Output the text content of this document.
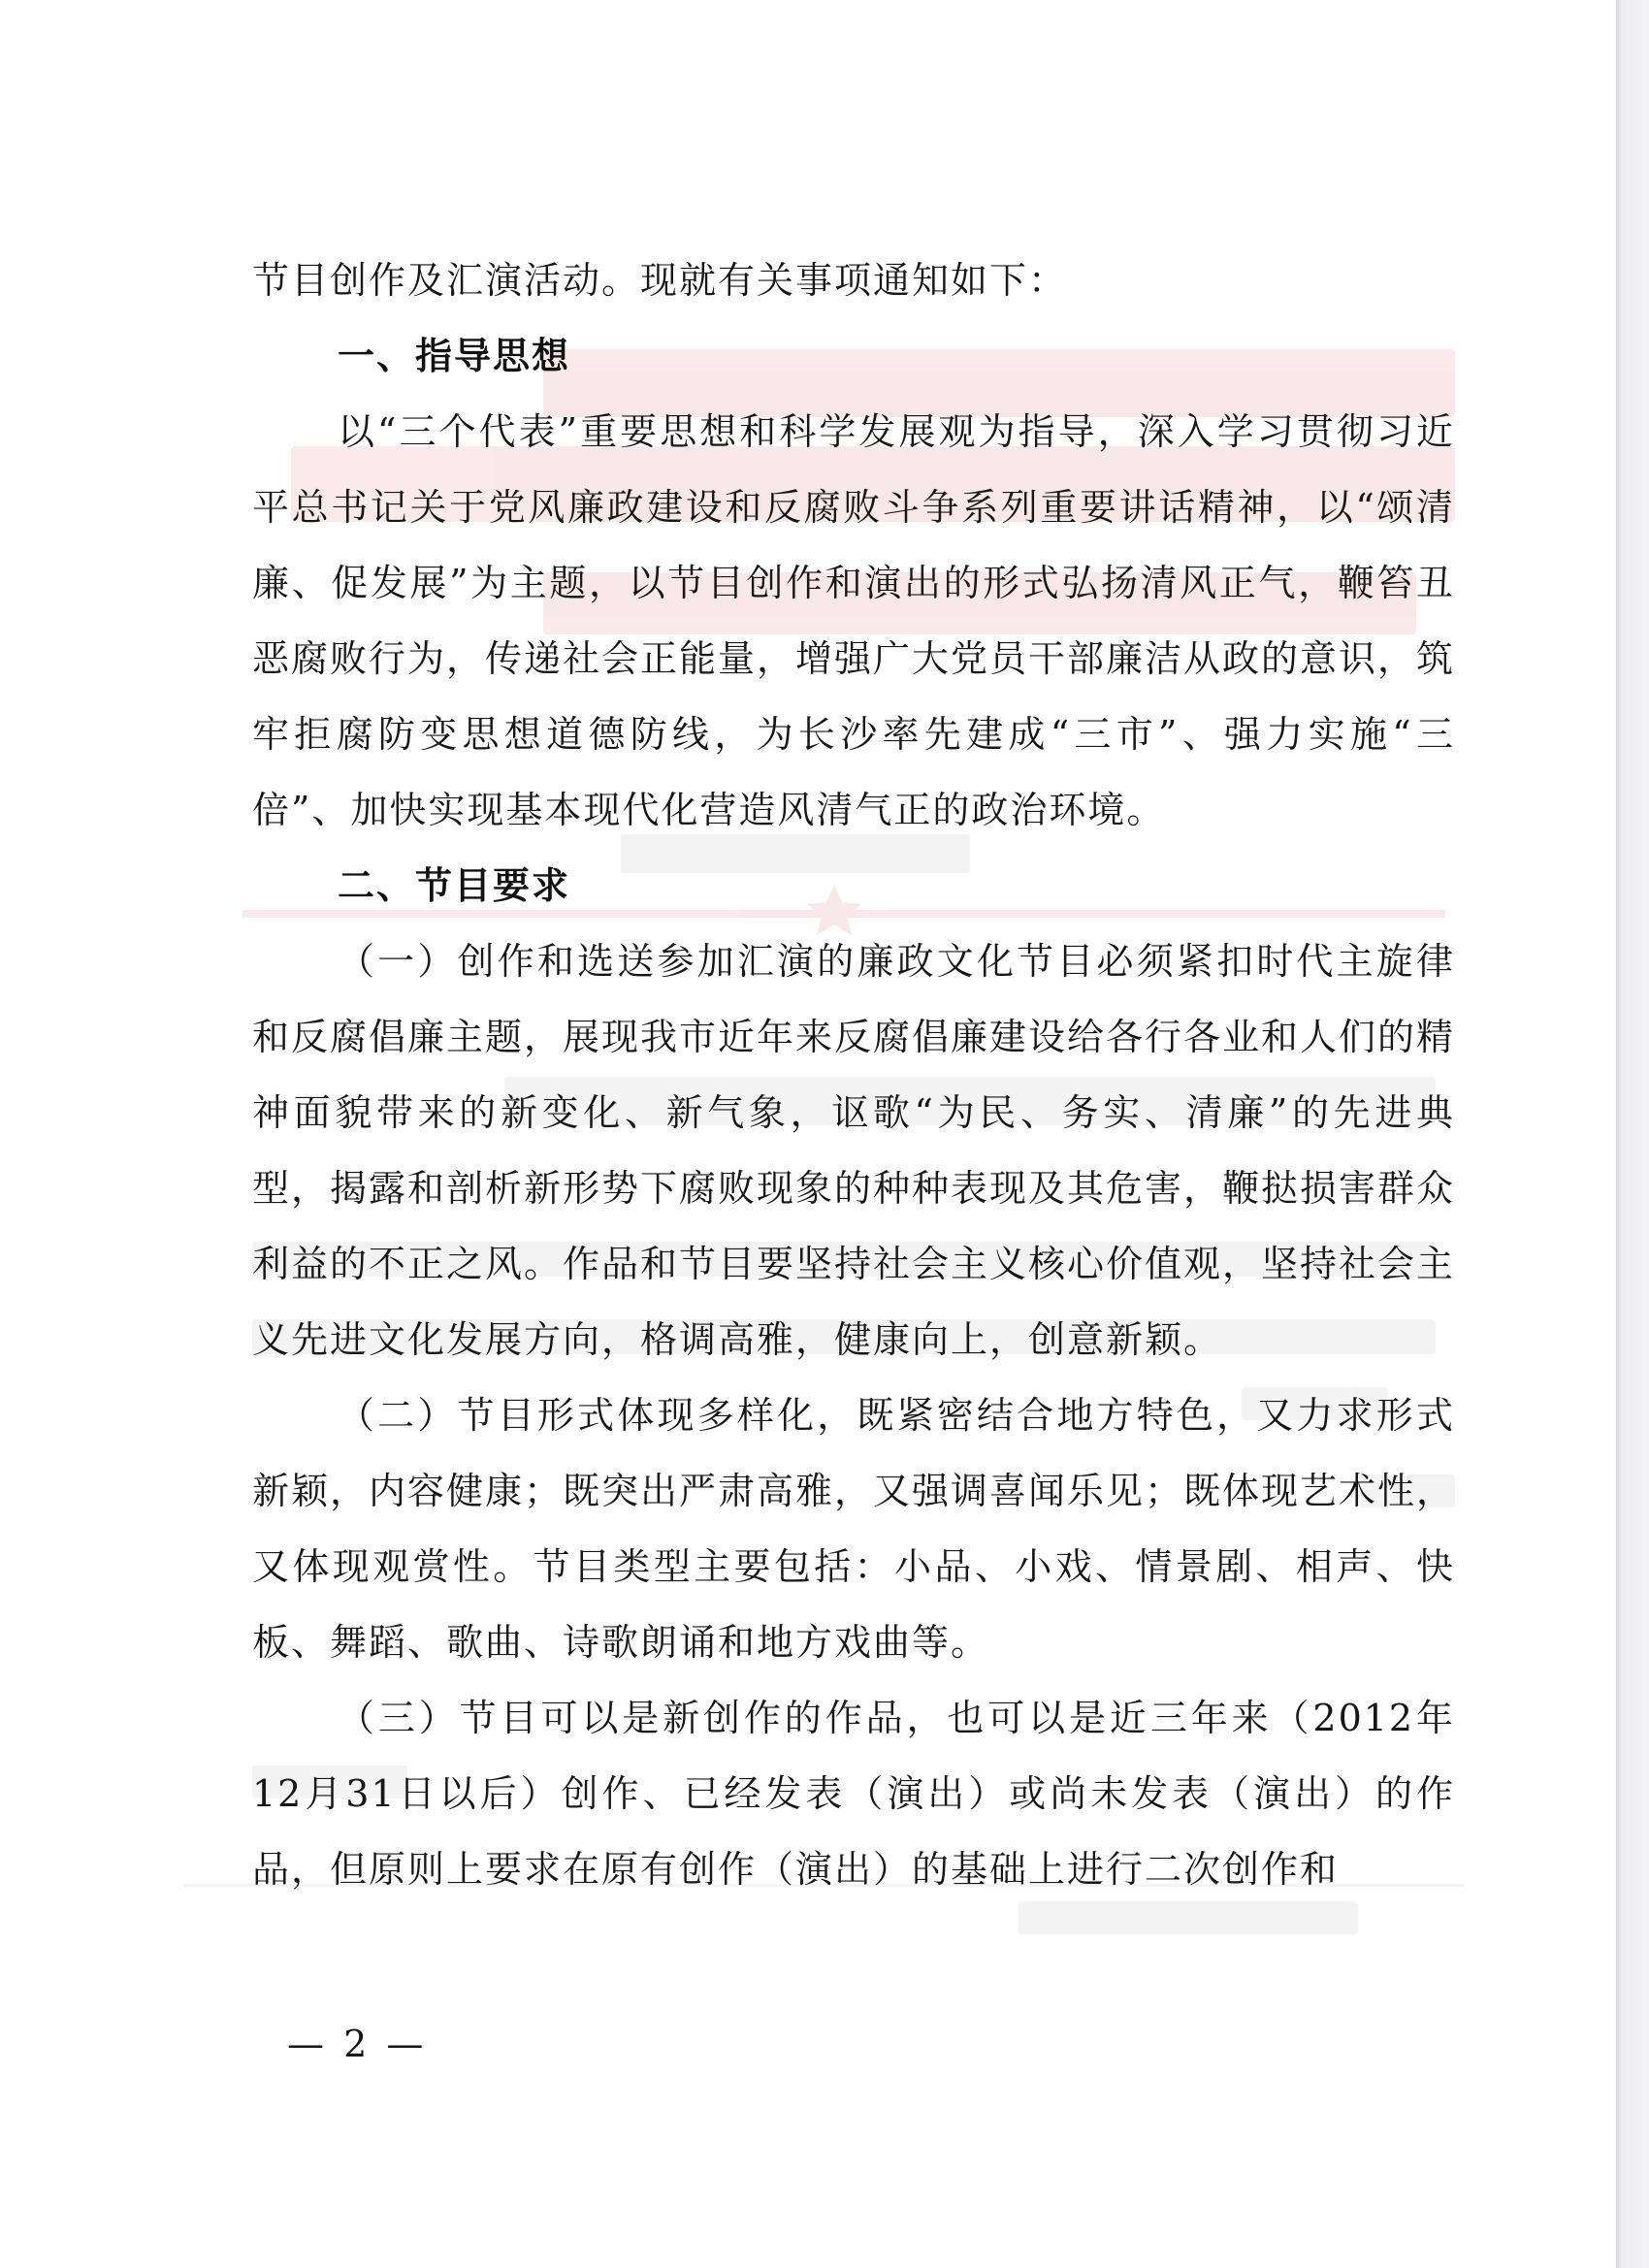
节目创作及汇演活动。现就有关事项通知如下：

一、指导思想

以“三个代表”重要思想和科学发展观为指导，深入学习贯彻习近平总书记关于党风廉政建设和反腐败斗争系列重要讲话精神，以“颂清廉、促发展”为主题，以节目创作和演出的形式弘扬清风正气，鞭笞丑恶腐败行为，传递社会正能量，增强广大党员干部廉洁从政的意识，筑牢拒腐防变思想道德防线，为长沙率先建成“三市”、强力实施“三倍”、加快实现基本现代化营造风清气正的政治环境。

二、节目要求

（一）创作和选送参加汇演的廉政文化节目必须紧扣时代主旋律和反腐倡廉主题，展现我市近年来反腐倡廉建设给各行各业和人们的精神面貌带来的新变化、新气象，讴歌“为民、务实、清廉”的先进典型，揭露和剖析新形势下腐败现象的种种表现及其危害，鞭挞损害群众利益的不正之风。作品和节目要坚持社会主义核心价值观，坚持社会主义先进文化发展方向，格调高雅，健康向上，创意新颖。

（二）节目形式体现多样化，既紧密结合地方特色，又力求形式新颖，内容健康；既突出严肃高雅，又强调喜闻乐见；既体现艺术性，又体现观赏性。节目类型主要包括：小品、小戏、情景剧、相声、快板、舞蹈、歌曲、诗歌朗诵和地方戏曲等。

（三）节目可以是新创作的作品，也可以是近三年来（2012年12月31日以后）创作、已经发表（演出）或尚未发表（演出）的作品，但原则上要求在原有创作（演出）的基础上进行二次创作和

— 2 —
